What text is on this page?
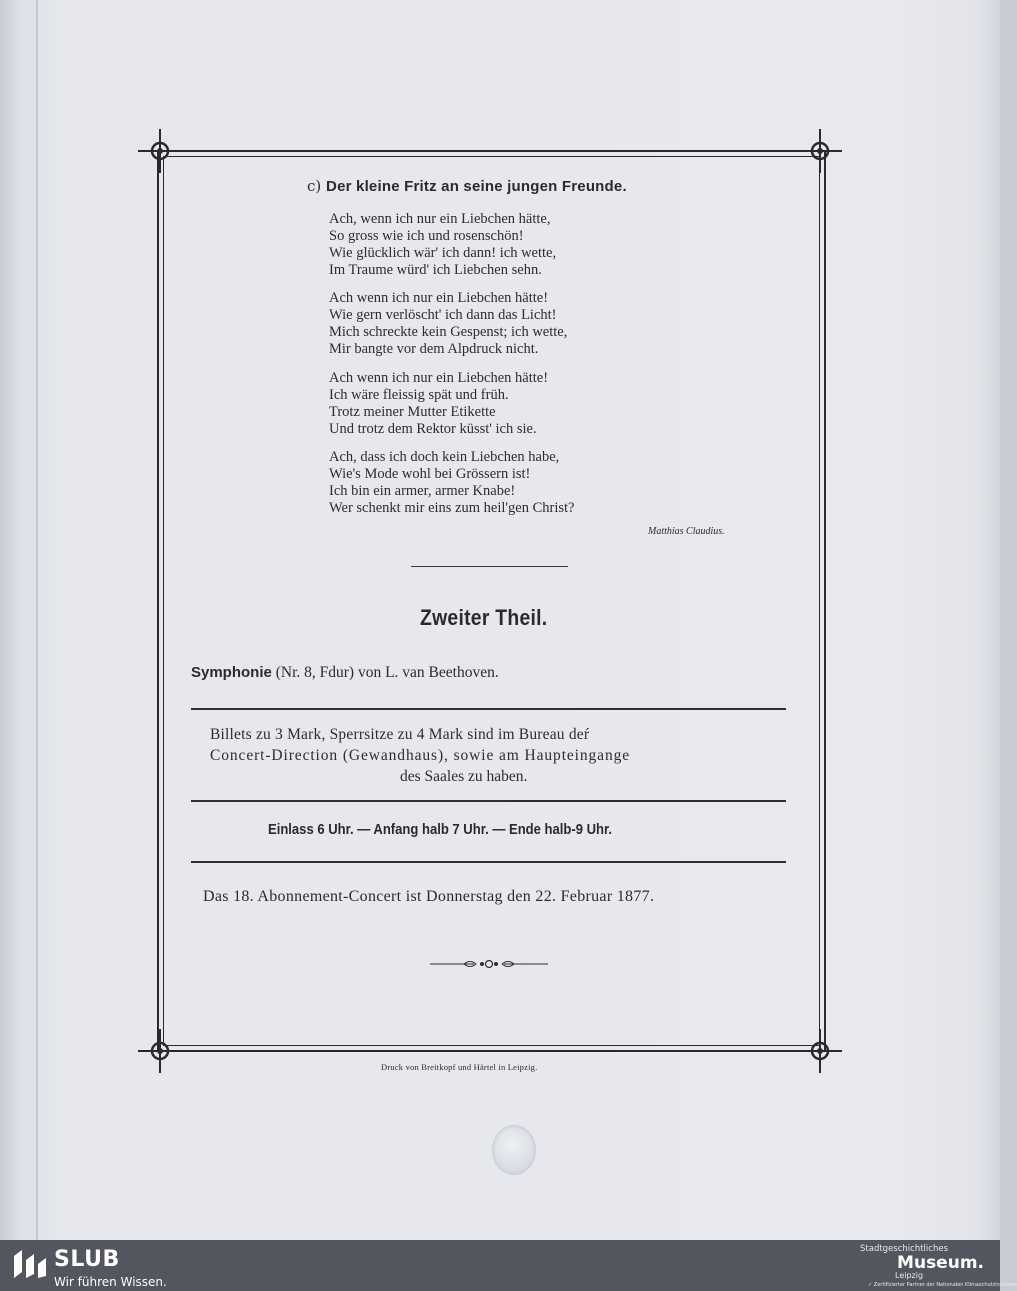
c) Der kleine Fritz an seine jungen Freunde.
Ach, wenn ich nur ein Liebchen hätte,
So gross wie ich und rosenschön!
Wie glücklich wär' ich dann! ich wette,
Im Traume würd' ich Liebchen sehn.
Ach wenn ich nur ein Liebchen hätte!
Wie gern verlöscht' ich dann das Licht!
Mich schreckte kein Gespenst; ich wette,
Mir bangte vor dem Alpdruck nicht.
Ach wenn ich nur ein Liebchen hätte!
Ich wäre fleissig spät und früh.
Trotz meiner Mutter Etikette
Und trotz dem Rektor küsst' ich sie.
Ach, dass ich doch kein Liebchen habe,
Wie's Mode wohl bei Grössern ist!
Ich bin ein armer, armer Knabe!
Wer schenkt mir eins zum heil'gen Christ?
Matthias Claudius.
Zweiter Theil.
Symphonie (Nr. 8, Fdur) von L. van Beethoven.
Billets zu 3 Mark, Sperrsitze zu 4 Mark sind im Bureau deŕ
Concert-Direction (Gewandhaus), sowie am Haupteingange
des Saales zu haben.
Einlass 6 Uhr. — Anfang halb 7 Uhr. — Ende halb-9 Uhr.
Das 18. Abonnement-Concert ist Donnerstag den 22. Februar 1877.
Druck von Breitkopf und Härtel in Leipzig.
SLUB
Wir führen Wissen.
Stadtgeschichtliches
Museum.
Leipzig
✓ Zertifizierter Partner der Nationalen Klimaschutzinitiative
